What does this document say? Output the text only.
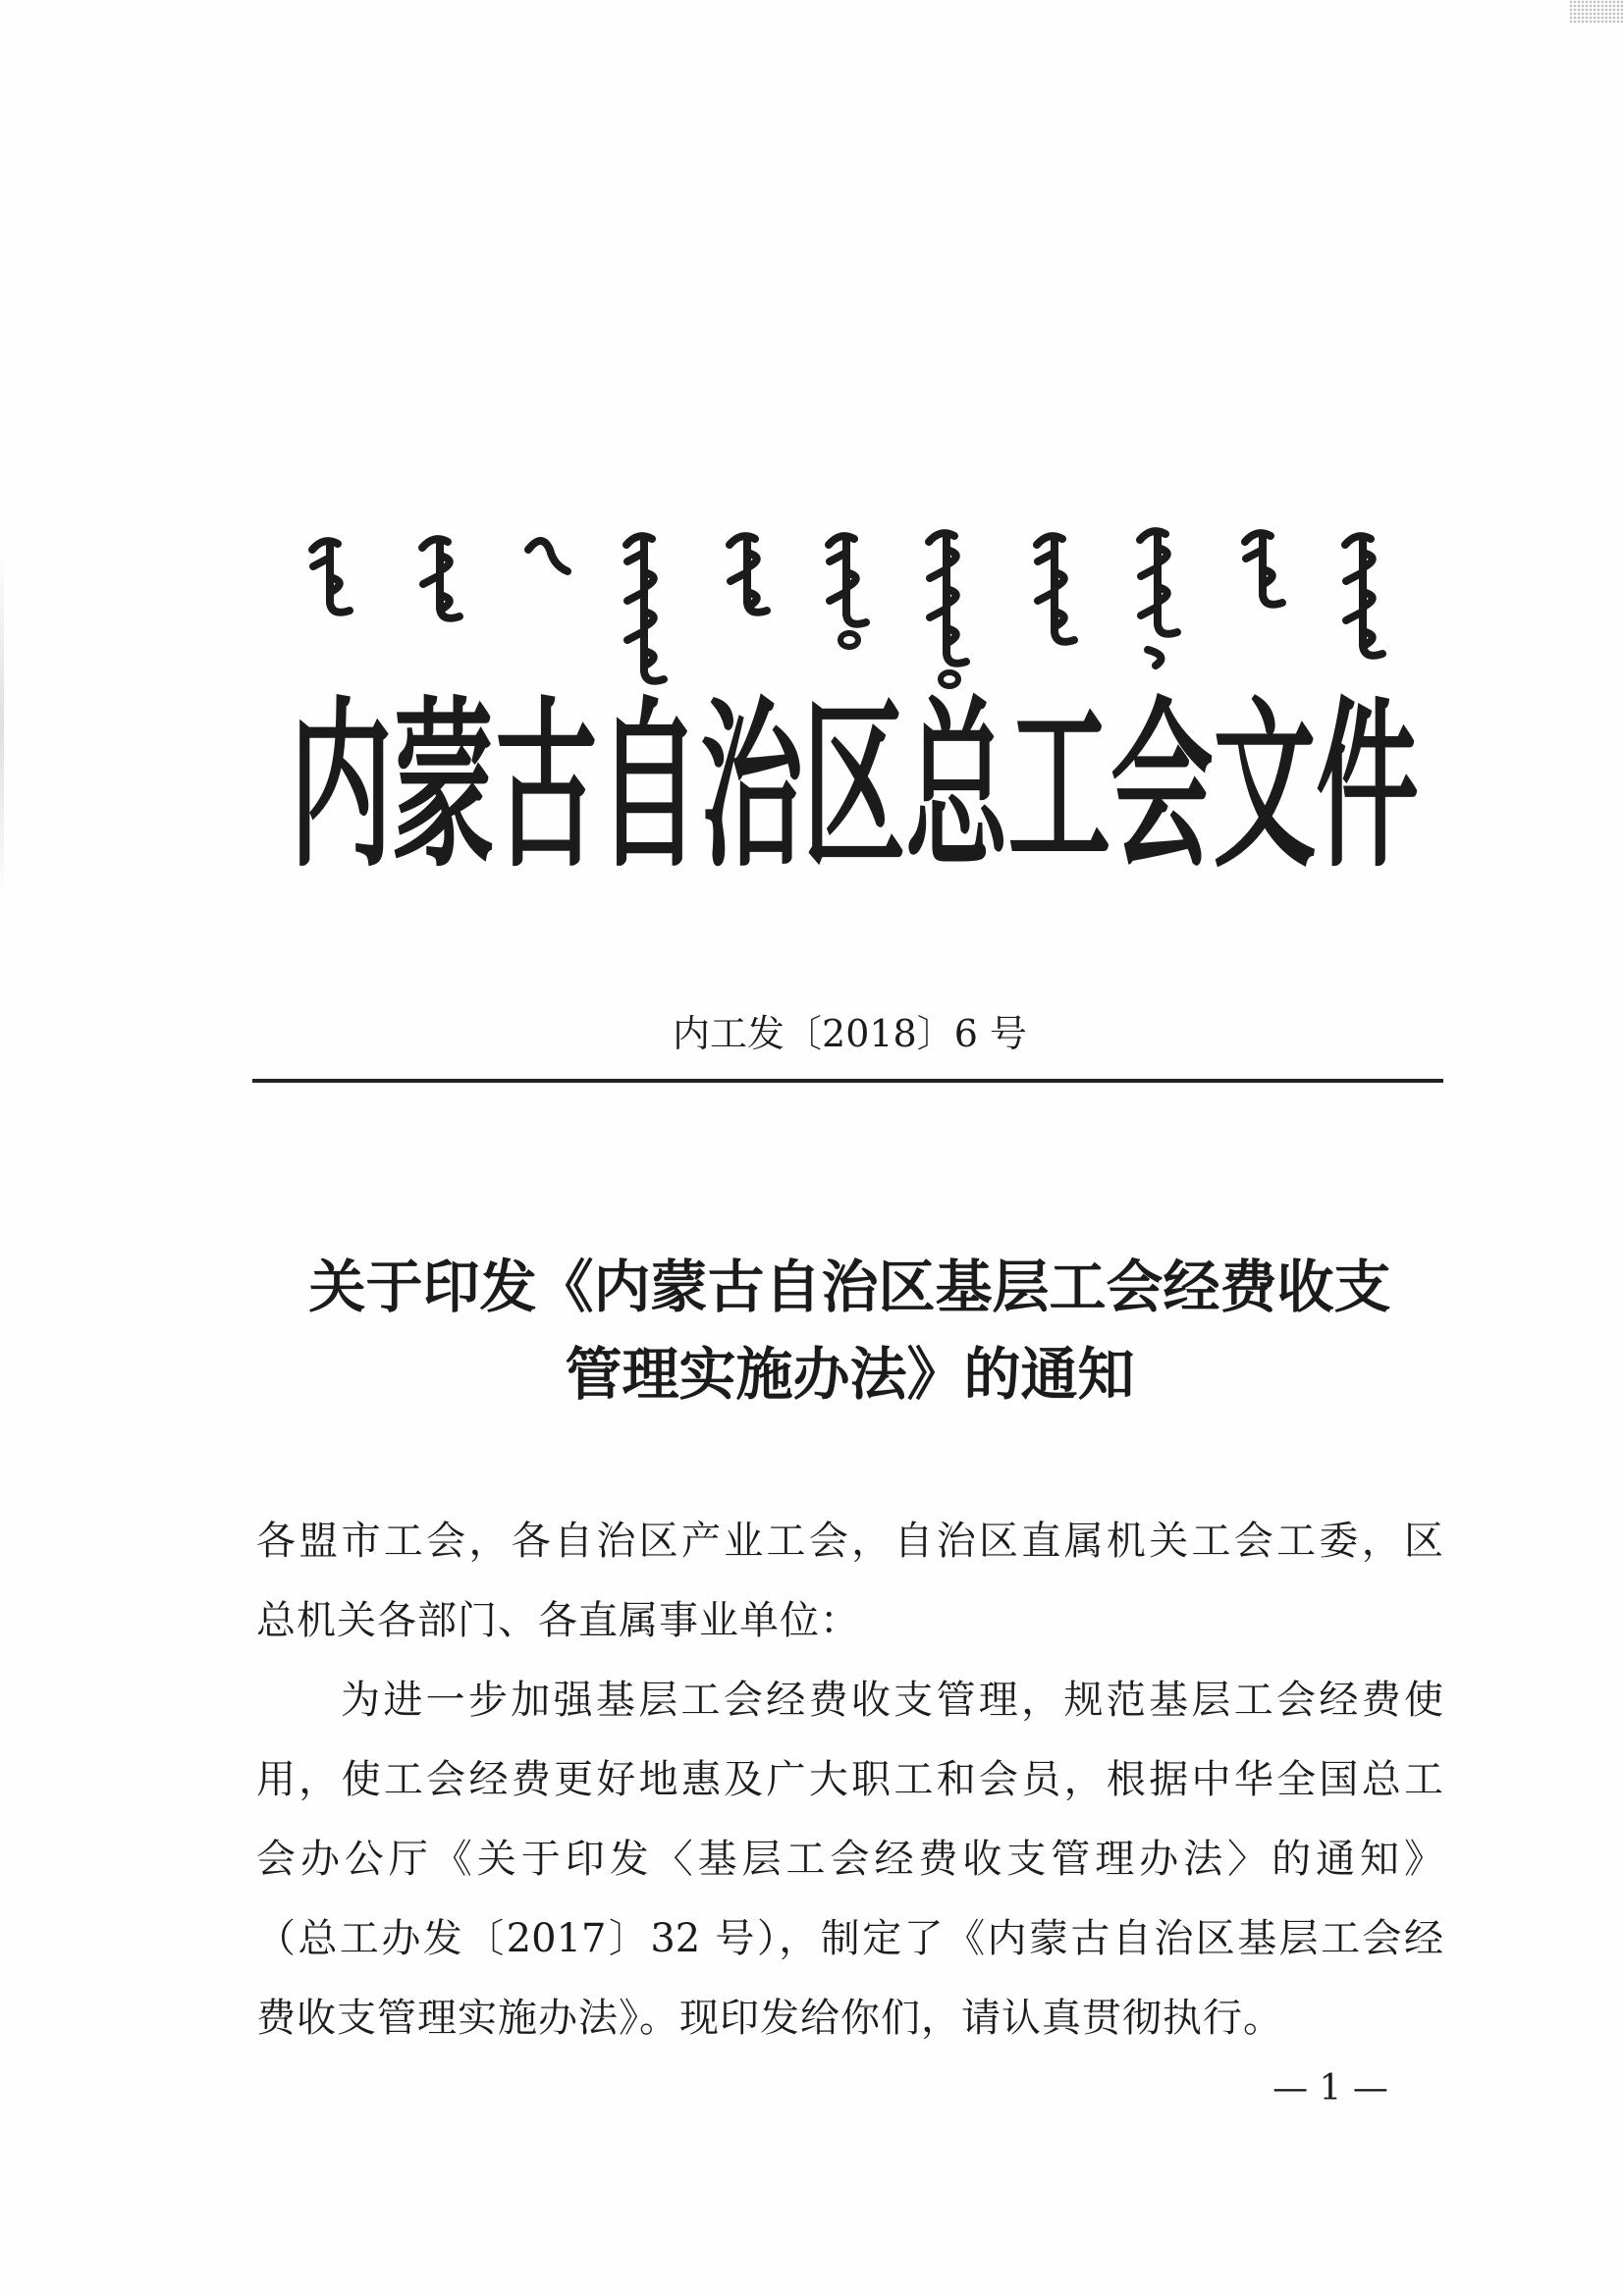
内蒙古自治区总工会文件
内工发〔2018〕6 号
关于印发《内蒙古自治区基层工会经费收支
管理实施办法》的通知
各盟市工会，各自治区产业工会，自治区直属机关工会工委，区
总机关各部门、各直属事业单位：
为进一步加强基层工会经费收支管理，规范基层工会经费使
用，使工会经费更好地惠及广大职工和会员，根据中华全国总工
会办公厅《关于印发〈基层工会经费收支管理办法〉的通知》
（总工办发〔2017〕32 号），制定了《内蒙古自治区基层工会经
费收支管理实施办法》。现印发给你们，请认真贯彻执行。
— 1 —
